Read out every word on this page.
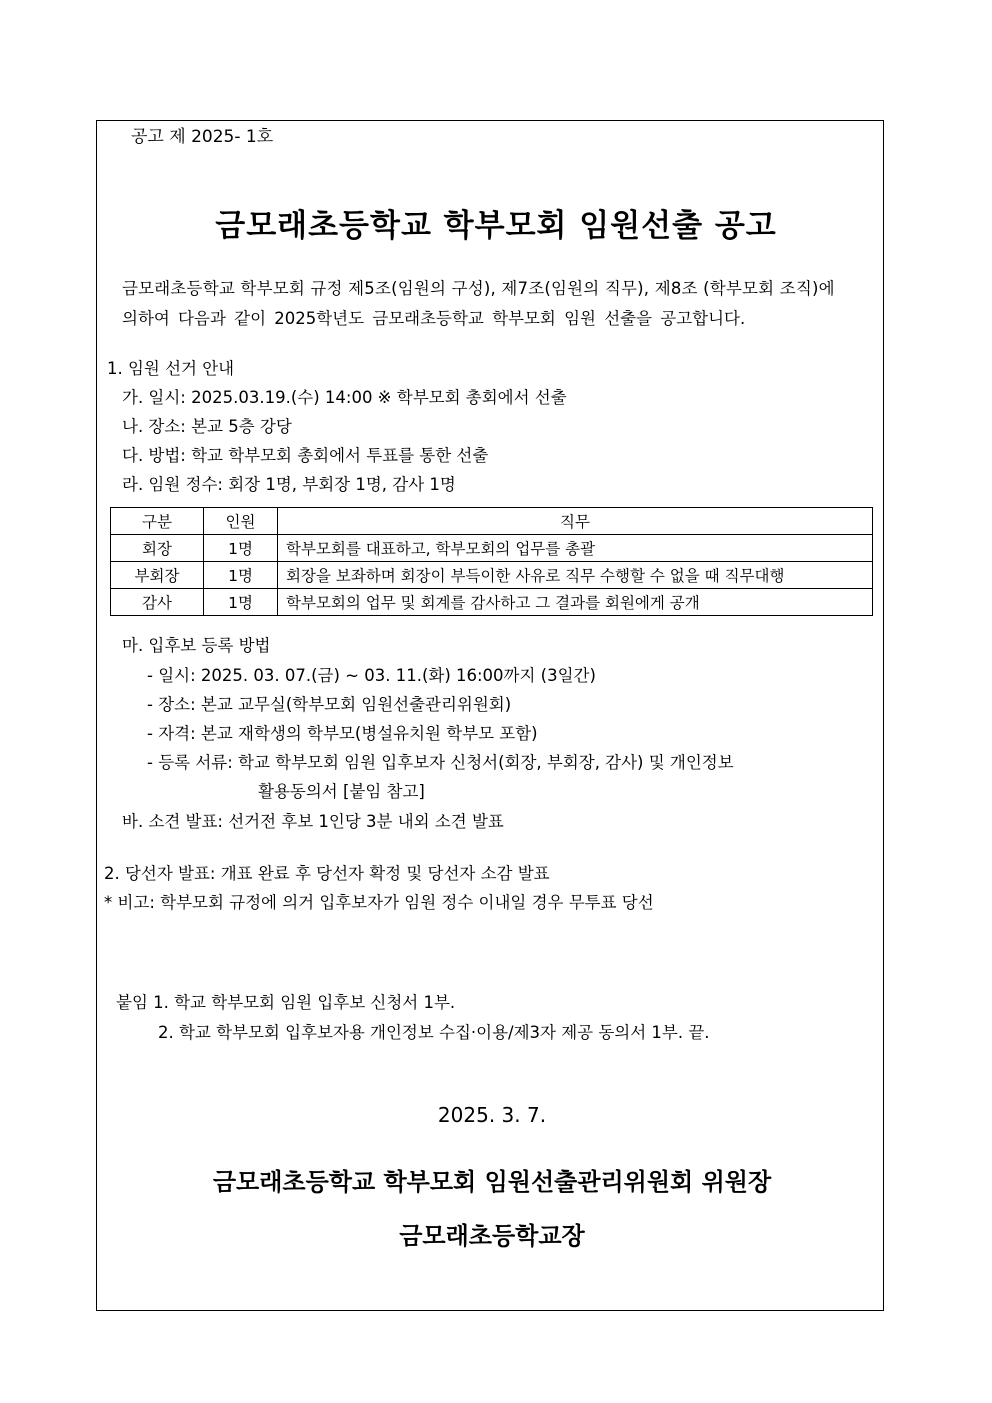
공고 제 2025- 1호
금모래초등학교 학부모회 임원선출 공고
금모래초등학교 학부모회 규정 제5조(임원의 구성), 제7조(임원의 직무), 제8조 (학부모회 조직)에
의하여 다음과 같이 2025학년도 금모래초등학교 학부모회 임원 선출을 공고합니다.
1. 임원 선거 안내
가. 일시: 2025.03.19.(수) 14:00 ※ 학부모회 총회에서 선출
나. 장소: 본교 5층 강당
다. 방법: 학교 학부모회 총회에서 투표를 통한 선출
라. 임원 정수: 회장 1명, 부회장 1명, 감사 1명
구분	인원	직무
회장	1명	학부모회를 대표하고, 학부모회의 업무를 총괄
부회장	1명	회장을 보좌하며 회장이 부득이한 사유로 직무 수행할 수 없을 때 직무대행
감사	1명	학부모회의 업무 및 회계를 감사하고 그 결과를 회원에게 공개
마. 입후보 등록 방법
- 일시: 2025. 03. 07.(금) ~ 03. 11.(화) 16:00까지 (3일간)
- 장소: 본교 교무실(학부모회 임원선출관리위원회)
- 자격: 본교 재학생의 학부모(병설유치원 학부모 포함)
- 등록 서류: 학교 학부모회 임원 입후보자 신청서(회장, 부회장, 감사) 및 개인정보
활용동의서 [붙임 참고]
바. 소견 발표: 선거전 후보 1인당 3분 내외 소견 발표
2. 당선자 발표: 개표 완료 후 당선자 확정 및 당선자 소감 발표
* 비고: 학부모회 규정에 의거 입후보자가 임원 정수 이내일 경우 무투표 당선
붙임 1. 학교 학부모회 임원 입후보 신청서 1부.
2. 학교 학부모회 입후보자용 개인정보 수집·이용/제3자 제공 동의서 1부. 끝.
2025. 3. 7.
금모래초등학교 학부모회 임원선출관리위원회 위원장
금모래초등학교장
